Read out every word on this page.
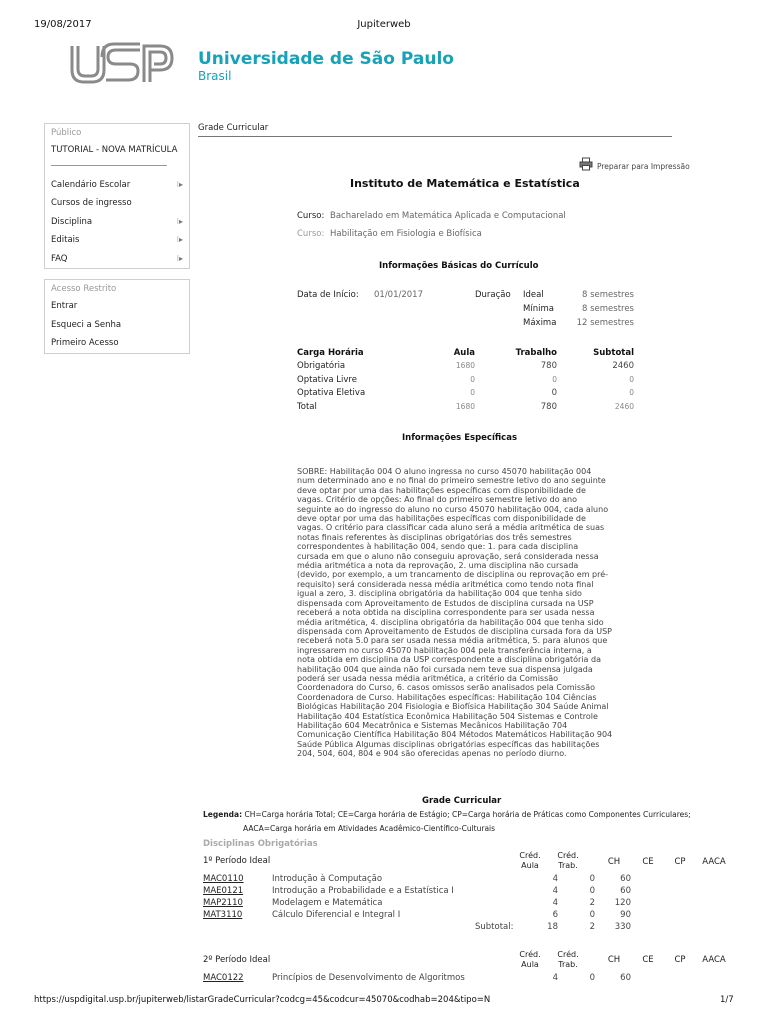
19/08/2017	Jupiterweb
Universidade de São Paulo
Brasil
Público
TUTORIAL - NOVA MATRÍCULA
Calendário Escolar	⁝▸
Cursos de ingresso
Disciplina	⁝▸
Editais	⁝▸
FAQ	⁝▸
Acesso Restrito
Entrar
Esqueci a Senha
Primeiro Acesso
Grade Curricular
Preparar para Impressão
Instituto de Matemática e Estatística
Curso: Bacharelado em Matemática Aplicada e Computacional
Curso: Habilitação em Fisiologia e Biofísica
Informações Básicas do Currículo
Data de Início: 01/01/2017	Duração Ideal	8 semestres
Mínima	8 semestres
Máxima	12 semestres
Carga Horária	Aula	Trabalho	Subtotal
Obrigatória	1680	780	2460
Optativa Livre	0	0	0
Optativa Eletiva	0	0	0
Total	1680	780	2460
Informações Específicas
SOBRE: Habilitação 004 O aluno ingressa no curso 45070 habilitação 004
num determinado ano e no final do primeiro semestre letivo do ano seguinte
deve optar por uma das habilitações específicas com disponibilidade de
vagas. Critério de opções: Ao final do primeiro semestre letivo do ano
seguinte ao do ingresso do aluno no curso 45070 habilitação 004, cada aluno
deve optar por uma das habilitações específicas com disponibilidade de
vagas. O critério para classificar cada aluno será a média aritmética de suas
notas finais referentes às disciplinas obrigatórias dos três semestres
correspondentes à habilitação 004, sendo que: 1. para cada disciplina
cursada em que o aluno não conseguiu aprovação, será considerada nessa
média aritmética a nota da reprovação, 2. uma disciplina não cursada
(devido, por exemplo, a um trancamento de disciplina ou reprovação em pré-
requisito) será considerada nessa média aritmética como tendo nota final
igual a zero, 3. disciplina obrigatória da habilitação 004 que tenha sido
dispensada com Aproveitamento de Estudos de disciplina cursada na USP
receberá a nota obtida na disciplina correspondente para ser usada nessa
média aritmética, 4. disciplina obrigatória da habilitação 004 que tenha sido
dispensada com Aproveitamento de Estudos de disciplina cursada fora da USP
receberá nota 5.0 para ser usada nessa média aritmética, 5. para alunos que
ingressarem no curso 45070 habilitação 004 pela transferência interna, a
nota obtida em disciplina da USP correspondente a disciplina obrigatória da
habilitação 004 que ainda não foi cursada nem teve sua dispensa julgada
poderá ser usada nessa média aritmética, a critério da Comissão
Coordenadora do Curso, 6. casos omissos serão analisados pela Comissão
Coordenadora de Curso. Habilitações específicas: Habilitação 104 Ciências
Biológicas Habilitação 204 Fisiologia e Biofísica Habilitação 304 Saúde Animal
Habilitação 404 Estatística Econômica Habilitação 504 Sistemas e Controle
Habilitação 604 Mecatrônica e Sistemas Mecânicos Habilitação 704
Comunicação Científica Habilitação 804 Métodos Matemáticos Habilitação 904
Saúde Pública Algumas disciplinas obrigatórias específicas das habilitações
204, 504, 604, 804 e 904 são oferecidas apenas no período diurno.
Grade Curricular
Legenda: CH=Carga horária Total; CE=Carga horária de Estágio; CP=Carga horária de Práticas como Componentes Curriculares;
AACA=Carga horária em Atividades Acadêmico-Científico-Culturais
Disciplinas Obrigatórias
1º Período Ideal
Créd. Aula
Créd. Trab.	CH	CE	CP	AACA
MAC0110	Introdução à Computação	4	0	60
MAE0121	Introdução a Probabilidade e a Estatística I	4	0	60
MAP2110	Modelagem e Matemática	4	2	120
MAT3110	Cálculo Diferencial e Integral I	6	0	90
Subtotal:	18	2	330
2º Período Ideal
Créd. Aula
Créd. Trab.	CH	CE	CP	AACA
MAC0122	Princípios de Desenvolvimento de Algoritmos	4	0	60
https://uspdigital.usp.br/jupiterweb/listarGradeCurricular?codcg=45&codcur=45070&codhab=204&tipo=N	1/7
